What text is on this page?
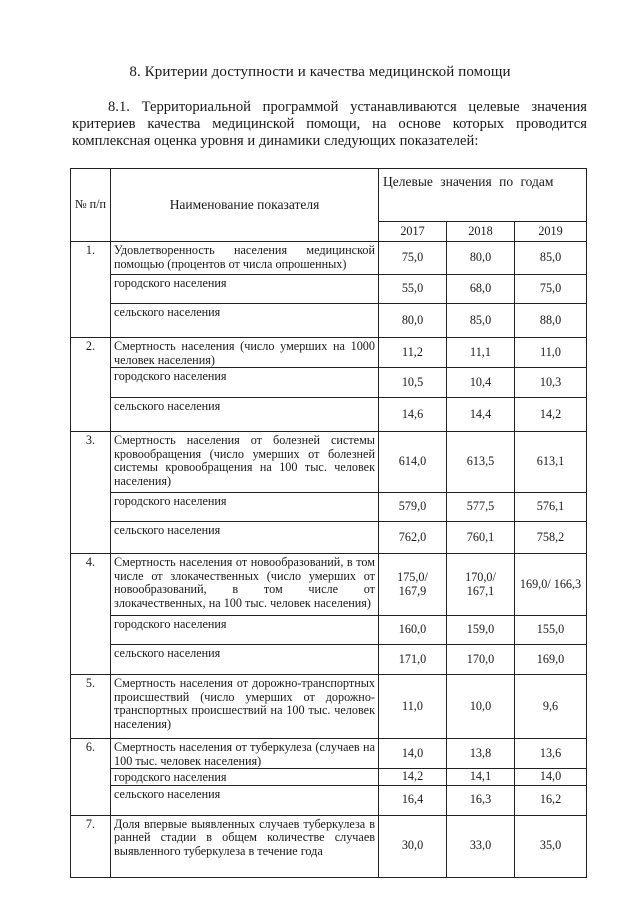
8. Критерии доступности и качества медицинской помощи
8.1. Территориальной программой устанавливаются целевые значения критериев качества медицинской помощи, на основе которых проводится комплексная оценка уровня и динамики следующих показателей:
№ п/п	Наименование показателя	Целевые значения по годам		
		2017	2018	2019
1.	Удовлетворенность населения медицинской помощью (процентов от числа опрошенных)	75,0	80,0	85,0
	городского населения	55,0	68,0	75,0
	сельского населения	80,0	85,0	88,0
2.	Смертность населения (число умерших на 1000 человек населения)	11,2	11,1	11,0
	городского населения	10,5	10,4	10,3
	сельского населения	14,6	14,4	14,2
3.	Смертность населения от болезней системы кровообращения (число умерших от болезней системы кровообращения на 100 тыс. человек населения)	614,0	613,5	613,1
	городского населения	579,0	577,5	576,1
	сельского населения	762,0	760,1	758,2
4.	Смертность населения от новообразований, в том числе от злокачественных (число умерших от новообразований, в том числе от злокачественных, на 100 тыс. человек населения)	175,0/ 167,9	170,0/ 167,1	169,0/ 166,3
	городского населения	160,0	159,0	155,0
	сельского населения	171,0	170,0	169,0
5.	Смертность населения от дорожно-транспортных происшествий (число умерших от дорожно-транспортных происшествий на 100 тыс. человек населения)	11,0	10,0	9,6
6.	Смертность населения от туберкулеза (случаев на 100 тыс. человек населения)	14,0	13,8	13,6
	городского населения	14,2	14,1	14,0
	сельского населения	16,4	16,3	16,2
7.	Доля впервые выявленных случаев туберкулеза в ранней стадии в общем количестве случаев выявленного туберкулеза в течение года	30,0	33,0	35,0
